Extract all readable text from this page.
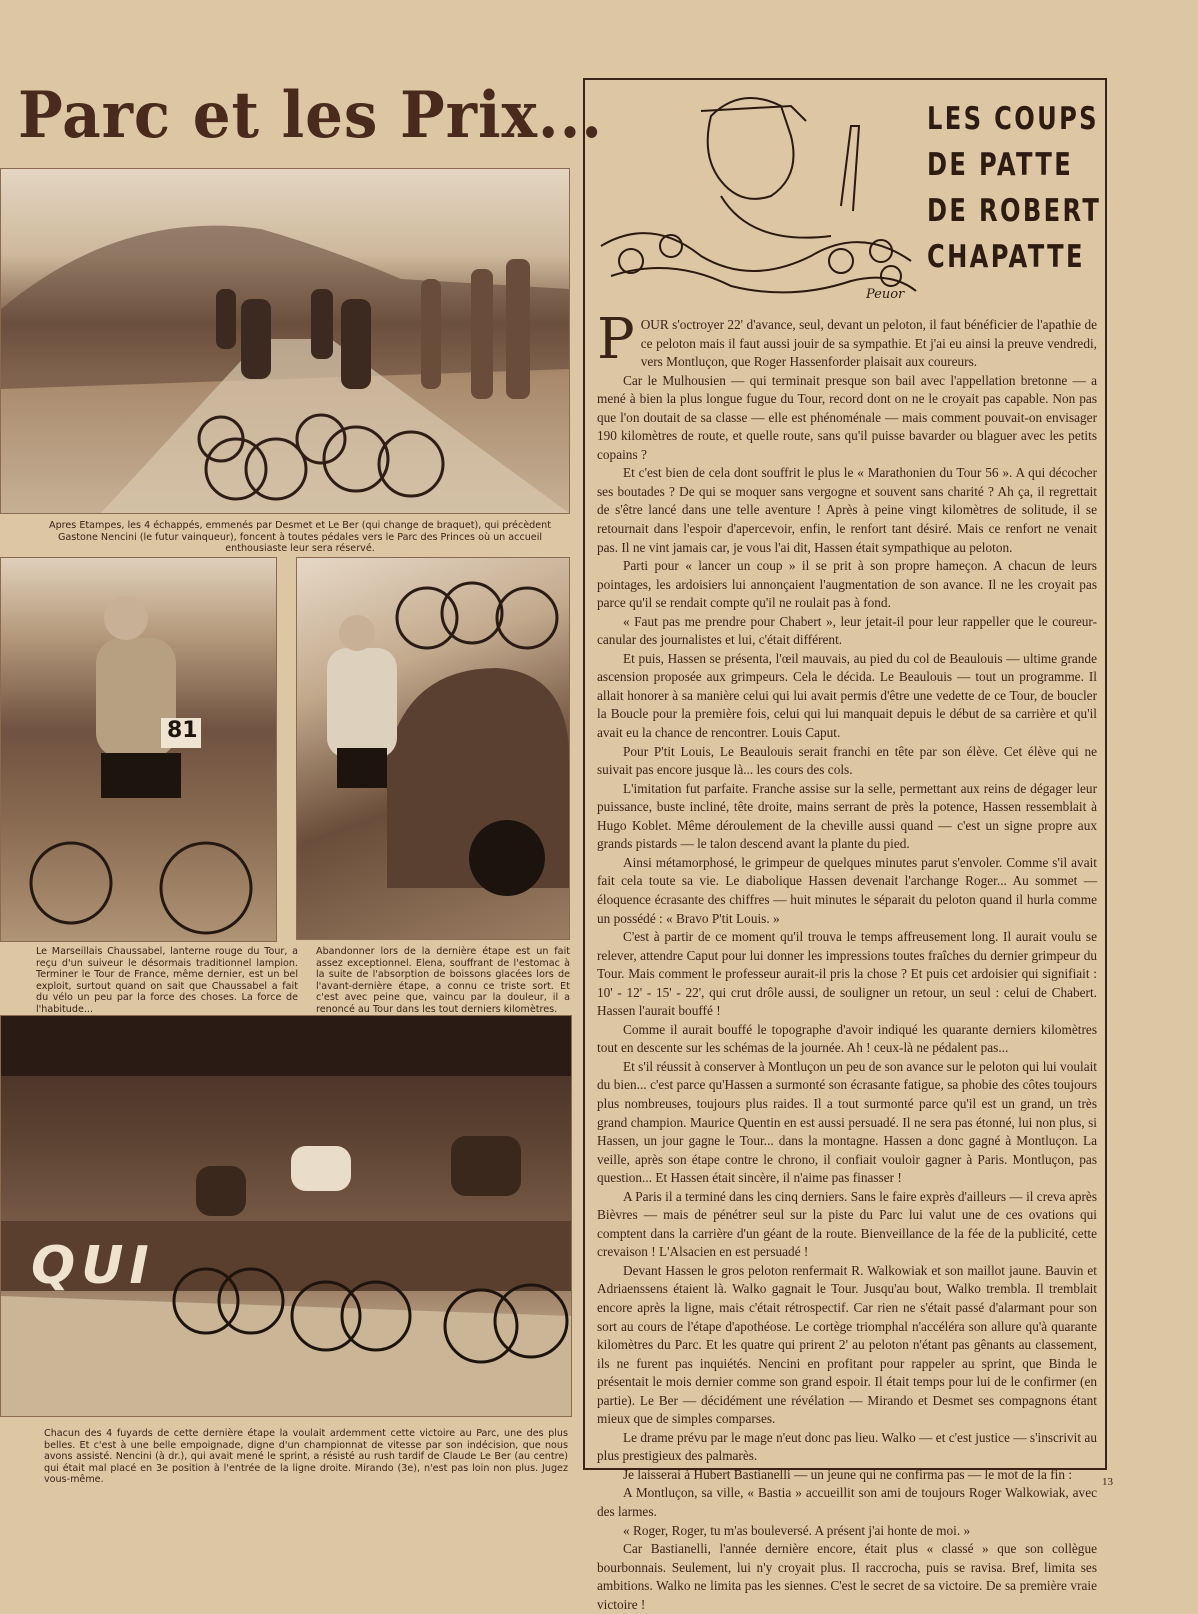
Parc et les Prix...
Apres Etampes, les 4 échappés, emmenés par Desmet et Le Ber (qui change de braquet), qui précèdent Gastone Nencini (le futur vainqueur), foncent à toutes pédales vers le Parc des Princes où un accueil enthousiaste leur sera réservé.
81
Le Marseillais Chaussabel, lanterne rouge du Tour, a reçu d'un suiveur le désormais traditionnel lampion. Terminer le Tour de France, même dernier, est un bel exploit, surtout quand on sait que Chaussabel a fait du vélo un peu par la force des choses. La force de l'habitude...
Abandonner lors de la dernière étape est un fait assez exceptionnel. Elena, souffrant de l'estomac à la suite de l'absorption de boissons glacées lors de l'avant-dernière étape, a connu ce triste sort. Et c'est avec peine que, vaincu par la douleur, il a renoncé au Tour dans les tout derniers kilomètres.
QUI
Chacun des 4 fuyards de cette dernière étape la voulait ardemment cette victoire au Parc, une des plus belles. Et c'est à une belle empoignade, digne d'un championnat de vitesse par son indécision, que nous avons assisté. Nencini (à dr.), qui avait mené le sprint, a résisté au rush tardif de Claude Le Ber (au centre) qui était mal placé en 3e position à l'entrée de la ligne droite. Mirando (3e), n'est pas loin non plus. Jugez vous-même.
Peuor
LES COUPS
DE PATTE
DE ROBERT
CHAPATTE

POUR s'octroyer 22' d'avance, seul, devant un peloton, il faut bénéficier de l'apathie de ce peloton mais il faut aussi jouir de sa sympathie. Et j'ai eu ainsi la preuve vendredi, vers Montluçon, que Roger Hassenforder plaisait aux coureurs.

Car le Mulhousien — qui terminait presque son bail avec l'appellation bretonne — a mené à bien la plus longue fugue du Tour, record dont on ne le croyait pas capable. Non pas que l'on doutait de sa classe — elle est phénoménale — mais comment pouvait-on envisager 190 kilomètres de route, et quelle route, sans qu'il puisse bavarder ou blaguer avec les petits copains ?

Et c'est bien de cela dont souffrit le plus le « Marathonien du Tour 56 ». A qui décocher ses boutades ? De qui se moquer sans vergogne et souvent sans charité ? Ah ça, il regrettait de s'être lancé dans une telle aventure ! Après à peine vingt kilomètres de solitude, il se retournait dans l'espoir d'apercevoir, enfin, le renfort tant désiré. Mais ce renfort ne venait pas. Il ne vint jamais car, je vous l'ai dit, Hassen était sympathique au peloton.

Parti pour « lancer un coup » il se prit à son propre hameçon. A chacun de leurs pointages, les ardoisiers lui annonçaient l'augmentation de son avance. Il ne les croyait pas parce qu'il se rendait compte qu'il ne roulait pas à fond.

« Faut pas me prendre pour Chabert », leur jetait-il pour leur rappeller que le coureur-canular des journalistes et lui, c'était différent.

Et puis, Hassen se présenta, l'œil mauvais, au pied du col de Beaulouis — ultime grande ascension proposée aux grimpeurs. Cela le décida. Le Beaulouis — tout un programme. Il allait honorer à sa manière celui qui lui avait permis d'être une vedette de ce Tour, de boucler la Boucle pour la première fois, celui qui lui manquait depuis le début de sa carrière et qu'il avait eu la chance de rencontrer. Louis Caput.

Pour P'tit Louis, Le Beaulouis serait franchi en tête par son élève. Cet élève qui ne suivait pas encore jusque là... les cours des cols.

L'imitation fut parfaite. Franche assise sur la selle, permettant aux reins de dégager leur puissance, buste incliné, tête droite, mains serrant de près la potence, Hassen ressemblait à Hugo Koblet. Même déroulement de la cheville aussi quand — c'est un signe propre aux grands pistards — le talon descend avant la plante du pied.

Ainsi métamorphosé, le grimpeur de quelques minutes parut s'envoler. Comme s'il avait fait cela toute sa vie. Le diabolique Hassen devenait l'archange Roger... Au sommet — éloquence écrasante des chiffres — huit minutes le séparait du peloton quand il hurla comme un possédé : « Bravo P'tit Louis. »

C'est à partir de ce moment qu'il trouva le temps affreusement long. Il aurait voulu se relever, attendre Caput pour lui donner les impressions toutes fraîches du dernier grimpeur du Tour. Mais comment le professeur aurait-il pris la chose ? Et puis cet ardoisier qui signifiait : 10' - 12' - 15' - 22', qui crut drôle aussi, de souligner un retour, un seul : celui de Chabert. Hassen l'aurait bouffé !

Comme il aurait bouffé le topographe d'avoir indiqué les quarante derniers kilomètres tout en descente sur les schémas de la journée. Ah ! ceux-là ne pédalent pas...

Et s'il réussit à conserver à Montluçon un peu de son avance sur le peloton qui lui voulait du bien... c'est parce qu'Hassen a surmonté son écrasante fatigue, sa phobie des côtes toujours plus nombreuses, toujours plus raides. Il a tout surmonté parce qu'il est un grand, un très grand champion. Maurice Quentin en est aussi persuadé. Il ne sera pas étonné, lui non plus, si Hassen, un jour gagne le Tour... dans la montagne. Hassen a donc gagné à Montluçon. La veille, après son étape contre le chrono, il confiait vouloir gagner à Paris. Montluçon, pas question... Et Hassen était sincère, il n'aime pas finasser !

A Paris il a terminé dans les cinq derniers. Sans le faire exprès d'ailleurs — il creva après Bièvres — mais de pénétrer seul sur la piste du Parc lui valut une de ces ovations qui comptent dans la carrière d'un géant de la route. Bienveillance de la fée de la publicité, cette crevaison ! L'Alsacien en est persuadé !

Devant Hassen le gros peloton renfermait R. Walkowiak et son maillot jaune. Bauvin et Adriaenssens étaient là. Walko gagnait le Tour. Jusqu'au bout, Walko trembla. Il tremblait encore après la ligne, mais c'était rétrospectif. Car rien ne s'était passé d'alarmant pour son sort au cours de l'étape d'apothéose. Le cortège triomphal n'accéléra son allure qu'à quarante kilomètres du Parc. Et les quatre qui prirent 2' au peloton n'étant pas gênants au classement, ils ne furent pas inquiétés. Nencini en profitant pour rappeler au sprint, que Binda le présentait le mois dernier comme son grand espoir. Il était temps pour lui de le confirmer (en partie). Le Ber — décidément une révélation — Mirando et Desmet ses compagnons étant mieux que de simples comparses.

Le drame prévu par le mage n'eut donc pas lieu. Walko — et c'est justice — s'inscrivit au plus prestigieux des palmarès.

Je laisserai à Hubert Bastianelli — un jeune qui ne confirma pas — le mot de la fin :

A Montluçon, sa ville, « Bastia » accueillit son ami de toujours Roger Walkowiak, avec des larmes.

« Roger, Roger, tu m'as bouleversé. A présent j'ai honte de moi. »

Car Bastianelli, l'année dernière encore, était plus « classé » que son collègue bourbonnais. Seulement, lui n'y croyait plus. Il raccrocha, puis se ravisa. Bref, limita ses ambitions. Walko ne limita pas les siennes. C'est le secret de sa victoire. De sa première vraie victoire !

13
